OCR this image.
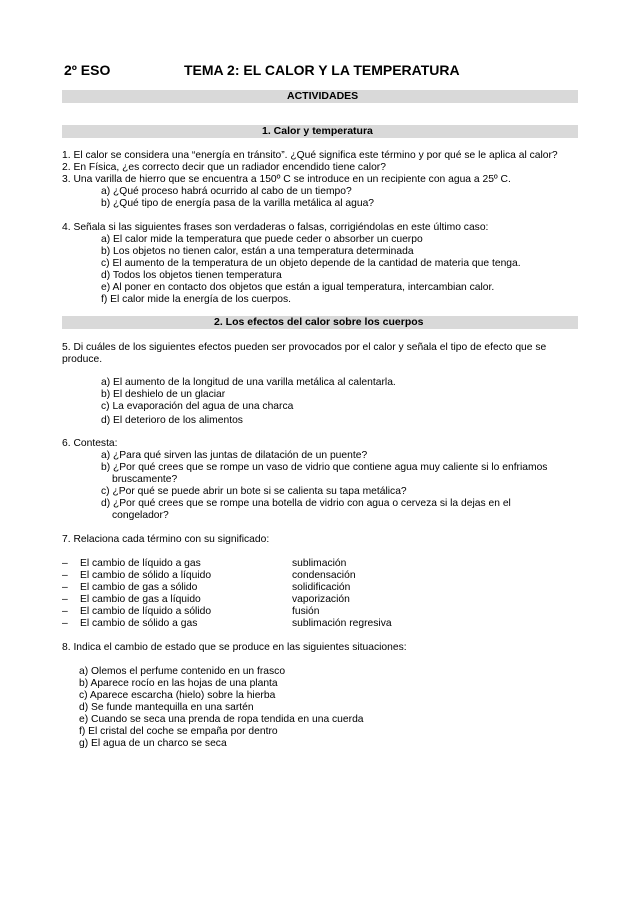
2º ESO	TEMA 2: EL CALOR Y LA TEMPERATURA
ACTIVIDADES
1. Calor y temperatura
1. El calor se considera una “energía en tránsito”. ¿Qué significa este término y por qué se le aplica al calor?
2. En Física, ¿es correcto decir que un radiador encendido tiene calor?
3. Una varilla de hierro que se encuentra a 150º C se introduce en un recipiente con agua a 25º C.
a) ¿Qué proceso habrá ocurrido al cabo de un tiempo?
b) ¿Qué tipo de energía pasa de la varilla metálica al agua?
4. Señala si las siguientes frases son verdaderas o falsas, corrigiéndolas en este último caso:
a) El calor mide la temperatura que puede ceder o absorber un cuerpo
b) Los objetos no tienen calor, están a una temperatura determinada
c) El aumento de la temperatura de un objeto depende de la cantidad de materia que tenga.
d) Todos los objetos tienen temperatura
e) Al poner en contacto dos objetos que están a igual temperatura, intercambian calor.
f) El calor mide la energía de los cuerpos.
2. Los efectos del calor sobre los cuerpos
5. Di cuáles de los siguientes efectos pueden ser provocados por el calor y señala el tipo de efecto que se
produce.
a) El aumento de la longitud de una varilla metálica al calentarla.
b) El deshielo de un glaciar
c) La evaporación del agua de una charca
d) El deterioro de los alimentos
6. Contesta:
a) ¿Para qué sirven las juntas de dilatación de un puente?
b) ¿Por qué crees que se rompe un vaso de vidrio que contiene agua muy caliente si lo enfriamos
bruscamente?
c) ¿Por qué se puede abrir un bote si se calienta su tapa metálica?
d) ¿Por qué crees que se rompe una botella de vidrio con agua o cerveza si la dejas en el
congelador?
7. Relaciona cada término con su significado:
– El cambio de líquido a gas	sublimación
– El cambio de sólido a líquido	condensación
– El cambio de gas a sólido	solidificación
– El cambio de gas a líquido	vaporización
– El cambio de líquido a sólido	fusión
– El cambio de sólido a gas	sublimación regresiva
8. Indica el cambio de estado que se produce en las siguientes situaciones:
a) Olemos el perfume contenido en un frasco
b) Aparece rocío en las hojas de una planta
c) Aparece escarcha (hielo) sobre la hierba
d) Se funde mantequilla en una sartén
e) Cuando se seca una prenda de ropa tendida en una cuerda
f) El cristal del coche se empaña por dentro
g) El agua de un charco se seca
